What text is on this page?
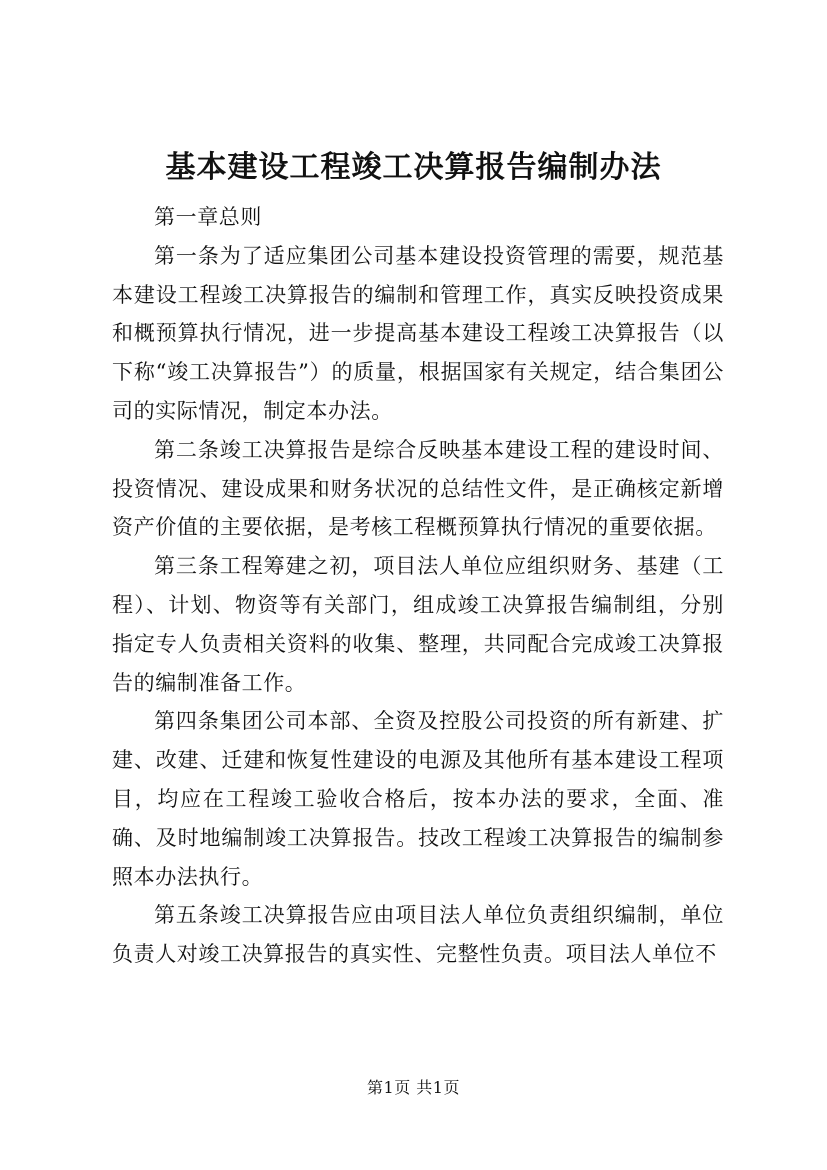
基本建设工程竣工决算报告编制办法

第一章总则

第一条为了适应集团公司基本建设投资管理的需要，规范基本建设工程竣工决算报告的编制和管理工作，真实反映投资成果和概预算执行情况，进一步提高基本建设工程竣工决算报告（以下称“竣工决算报告”）的质量，根据国家有关规定，结合集团公司的实际情况，制定本办法。

第二条竣工决算报告是综合反映基本建设工程的建设时间、投资情况、建设成果和财务状况的总结性文件，是正确核定新增资产价值的主要依据，是考核工程概预算执行情况的重要依据。

第三条工程筹建之初，项目法人单位应组织财务、基建（工程）、计划、物资等有关部门，组成竣工决算报告编制组，分别指定专人负责相关资料的收集、整理，共同配合完成竣工决算报告的编制准备工作。

第四条集团公司本部、全资及控股公司投资的所有新建、扩建、改建、迁建和恢复性建设的电源及其他所有基本建设工程项目，均应在工程竣工验收合格后，按本办法的要求，全面、准确、及时地编制竣工决算报告。技改工程竣工决算报告的编制参照本办法执行。

第五条竣工决算报告应由项目法人单位负责组织编制，单位负责人对竣工决算报告的真实性、完整性负责。项目法人单位不

第1页 共1页
